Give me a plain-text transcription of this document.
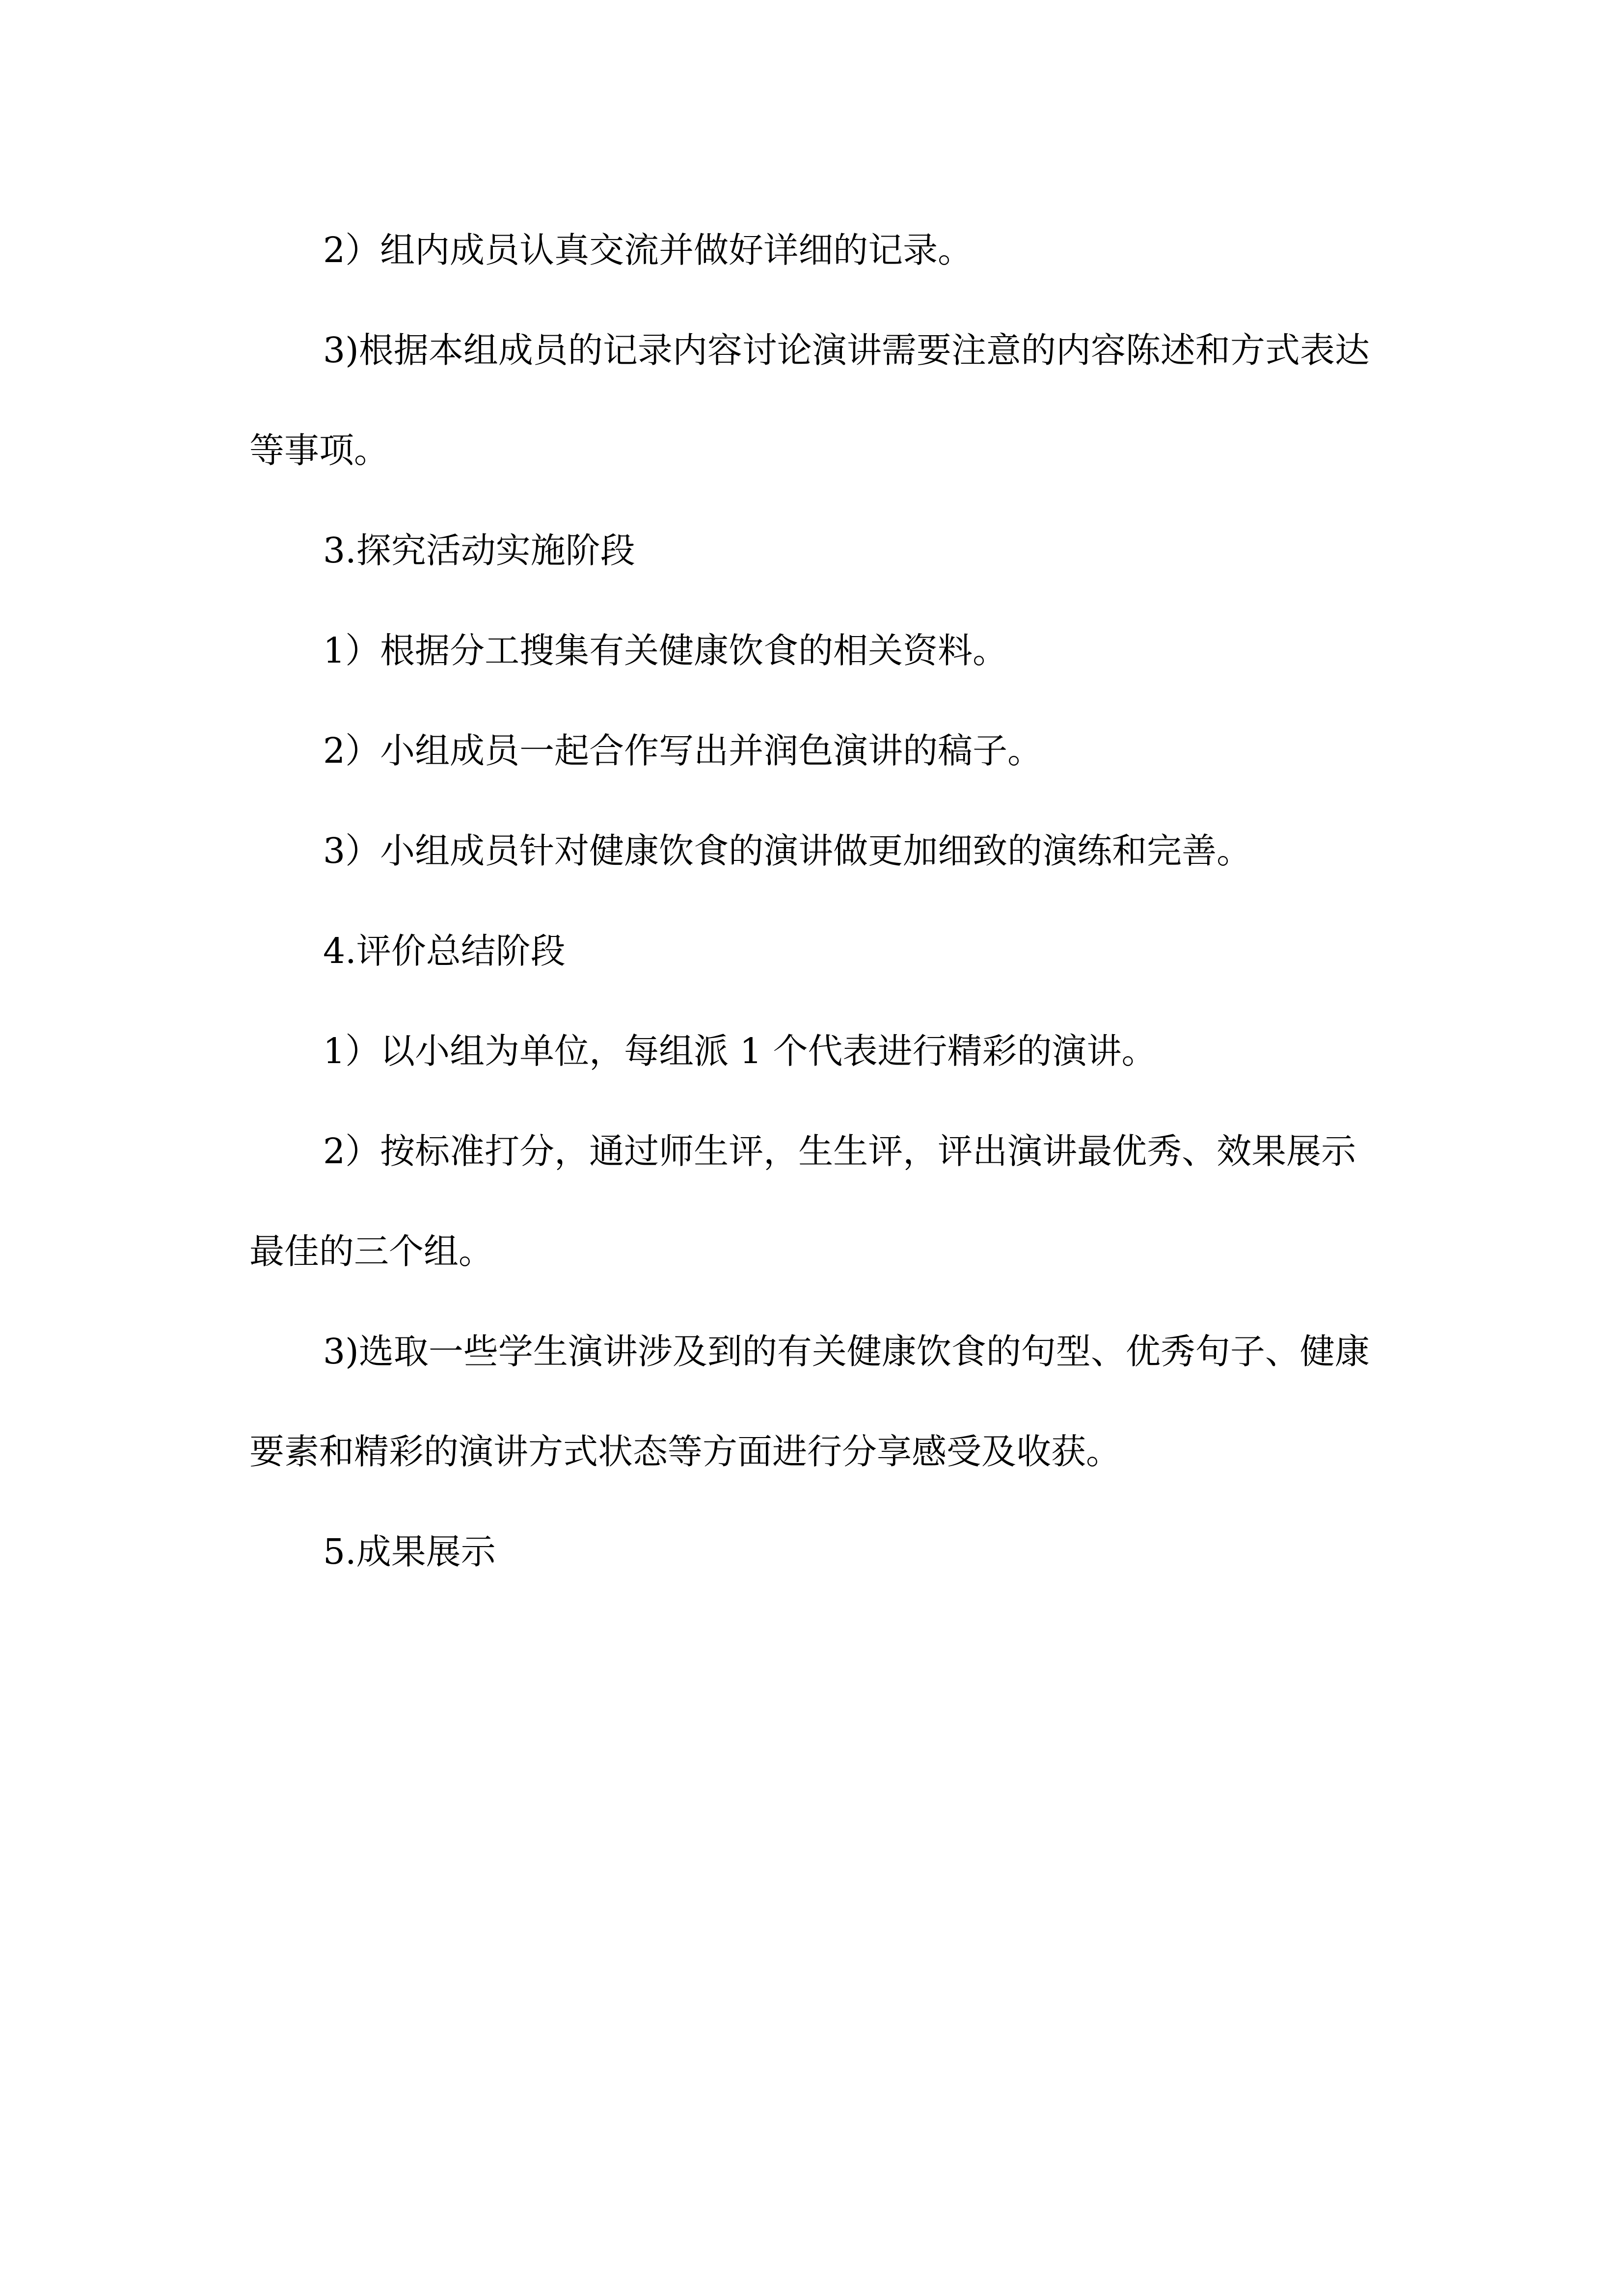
2）组内成员认真交流并做好详细的记录。

3)根据本组成员的记录内容讨论演讲需要注意的内容陈述和方式表达等事项。

3.探究活动实施阶段

1）根据分工搜集有关健康饮食的相关资料。

2）小组成员一起合作写出并润色演讲的稿子。

3）小组成员针对健康饮食的演讲做更加细致的演练和完善。

4.评价总结阶段

1）以小组为单位，每组派 1 个代表进行精彩的演讲。

2）按标准打分，通过师生评，生生评，评出演讲最优秀、效果展示最佳的三个组。

3)选取一些学生演讲涉及到的有关健康饮食的句型、优秀句子、健康要素和精彩的演讲方式状态等方面进行分享感受及收获。

5.成果展示
